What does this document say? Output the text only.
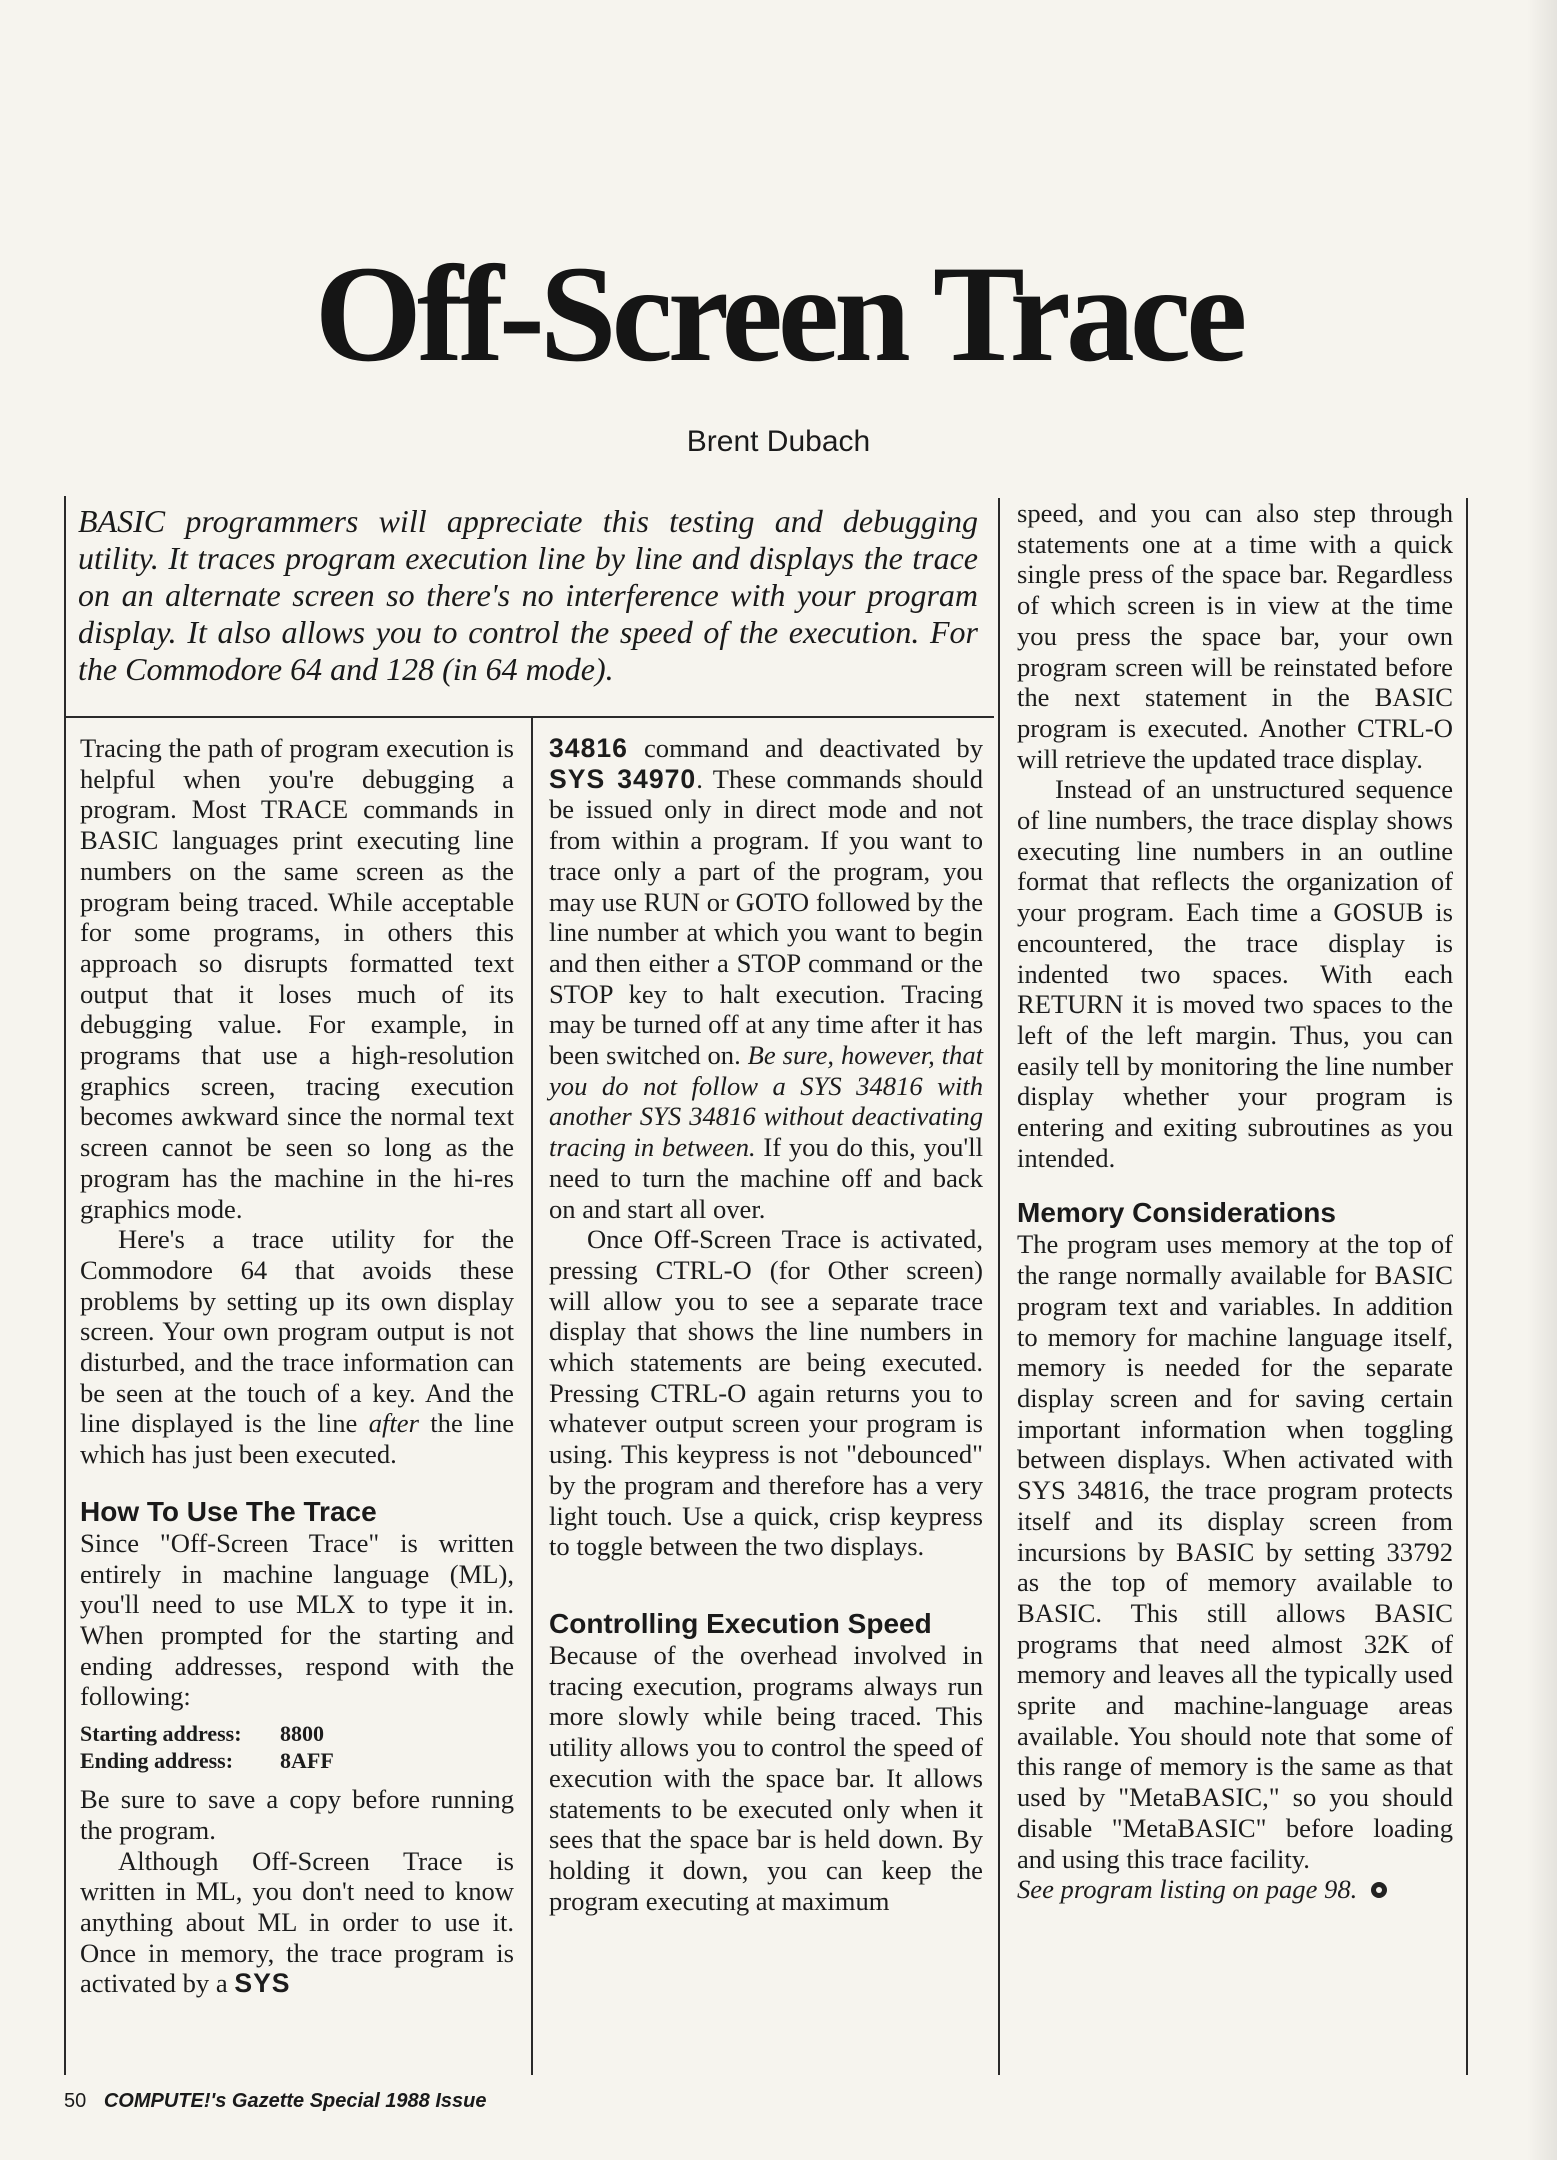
Off-Screen Trace
Brent Dubach
BASIC programmers will appreciate this testing and debugging utility. It traces program execution line by line and displays the trace on an alternate screen so there's no interference with your program display. It also allows you to control the speed of the execution. For the Commodore 64 and 128 (in 64 mode).

Tracing the path of program execution is helpful when you're debugging a program. Most TRACE commands in BASIC languages print executing line numbers on the same screen as the program being traced. While acceptable for some programs, in others this approach so disrupts formatted text output that it loses much of its debugging value. For example, in programs that use a high-resolution graphics screen, tracing execution becomes awkward since the normal text screen cannot be seen so long as the program has the machine in the hi-res graphics mode.

Here's a trace utility for the Commodore 64 that avoids these problems by setting up its own display screen. Your own program output is not disturbed, and the trace information can be seen at the touch of a key. And the line displayed is the line after the line which has just been executed.

How To Use The Trace

Since "Off-Screen Trace" is written entirely in machine language (ML), you'll need to use MLX to type it in. When prompted for the starting and ending addresses, respond with the following:

Starting address:	8800
Ending address:	8AFF

Be sure to save a copy before running the program.

Although Off-Screen Trace is written in ML, you don't need to know anything about ML in order to use it. Once in memory, the trace program is activated by a SYS

34816 command and deactivated by SYS 34970. These commands should be issued only in direct mode and not from within a program. If you want to trace only a part of the program, you may use RUN or GOTO followed by the line number at which you want to begin and then either a STOP command or the STOP key to halt execution. Tracing may be turned off at any time after it has been switched on. Be sure, however, that you do not follow a SYS 34816 with another SYS 34816 without deactivating tracing in between. If you do this, you'll need to turn the machine off and back on and start all over.

Once Off-Screen Trace is activated, pressing CTRL-O (for Other screen) will allow you to see a separate trace display that shows the line numbers in which statements are being executed. Pressing CTRL-O again returns you to whatever output screen your program is using. This keypress is not "debounced" by the program and therefore has a very light touch. Use a quick, crisp keypress to toggle between the two displays.

Controlling Execution Speed

Because of the overhead involved in tracing execution, programs always run more slowly while being traced. This utility allows you to control the speed of execution with the space bar. It allows statements to be executed only when it sees that the space bar is held down. By holding it down, you can keep the program executing at maximum

speed, and you can also step through statements one at a time with a quick single press of the space bar. Regardless of which screen is in view at the time you press the space bar, your own program screen will be reinstated before the next statement in the BASIC program is executed. Another CTRL-O will retrieve the updated trace display.

Instead of an unstructured sequence of line numbers, the trace display shows executing line numbers in an outline format that reflects the organization of your program. Each time a GOSUB is encountered, the trace display is indented two spaces. With each RETURN it is moved two spaces to the left of the left margin. Thus, you can easily tell by monitoring the line number display whether your program is entering and exiting subroutines as you intended.

Memory Considerations

The program uses memory at the top of the range normally available for BASIC program text and variables. In addition to memory for machine language itself, memory is needed for the separate display screen and for saving certain important information when toggling between displays. When activated with SYS 34816, the trace program protects itself and its display screen from incursions by BASIC by setting 33792 as the top of memory available to BASIC. This still allows BASIC programs that need almost 32K of memory and leaves all the typically used sprite and machine-language areas available. You should note that some of this range of memory is the same as that used by "MetaBASIC," so you should disable "MetaBASIC" before loading and using this trace facility.

See program listing on page 98.

50 COMPUTE!'s Gazette Special 1988 Issue
